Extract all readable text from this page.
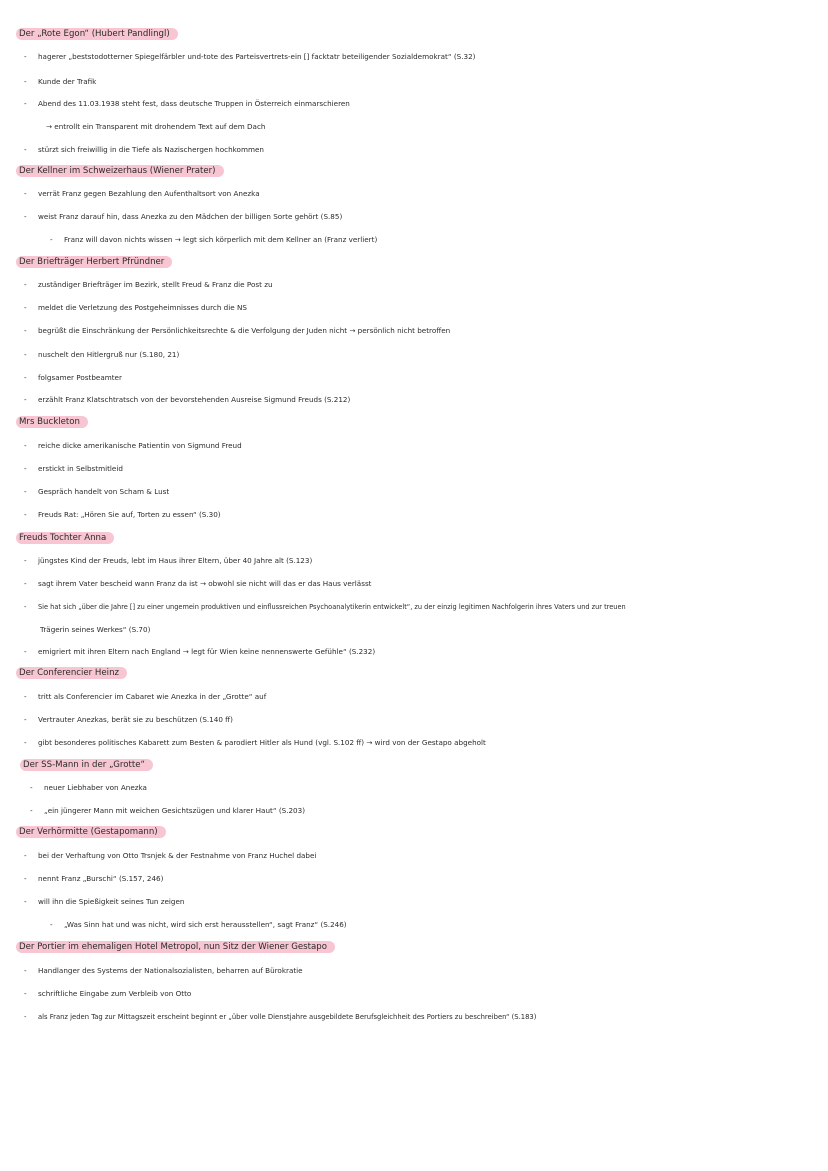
Der „Rote Egon“ (Hubert Pandlingl)
- hagerer „beststodotterner Spiegelfärbler und-tote des Parteisvertrets-ein [] facktatr beteiligender Sozialdemokrat“ (S.32)
- Kunde der Trafik
- Abend des 11.03.1938 steht fest, dass deutsche Truppen in Österreich einmarschieren
→ entrollt ein Transparent mit drohendem Text auf dem Dach
- stürzt sich freiwillig in die Tiefe als Nazischergen hochkommen
Der Kellner im Schweizerhaus (Wiener Prater)
- verrät Franz gegen Bezahlung den Aufenthaltsort von Anezka
- weist Franz darauf hin, dass Anezka zu den Mädchen der billigen Sorte gehört (S.85)
- Franz will davon nichts wissen → legt sich körperlich mit dem Kellner an (Franz verliert)
Der Briefträger Herbert Pfründner
- zuständiger Briefträger im Bezirk, stellt Freud & Franz die Post zu
- meldet die Verletzung des Postgeheimnisses durch die NS
- begrüßt die Einschränkung der Persönlichkeitsrechte & die Verfolgung der Juden nicht → persönlich nicht betroffen
- nuschelt den Hitlergruß nur (S.180, 21)
- folgsamer Postbeamter
- erzählt Franz Klatschtratsch von der bevorstehenden Ausreise Sigmund Freuds (S.212)
Mrs Buckleton
- reiche dicke amerikanische Patientin von Sigmund Freud
- erstickt in Selbstmitleid
- Gespräch handelt von Scham & Lust
- Freuds Rat: „Hören Sie auf, Torten zu essen“ (S.30)
Freuds Tochter Anna
- jüngstes Kind der Freuds, lebt im Haus ihrer Eltern, über 40 Jahre alt (S.123)
- sagt ihrem Vater bescheid wann Franz da ist → obwohl sie nicht will das er das Haus verlässt
- Sie hat sich „über die Jahre [] zu einer ungemein produktiven und einflussreichen Psychoanalytikerin entwickelt“, zu der einzig legitimen Nachfolgerin ihres Vaters und zur treuen
Trägerin seines Werkes“ (S.70)
- emigriert mit ihren Eltern nach England → legt für Wien keine nennenswerte Gefühle“ (S.232)
Der Conferencier Heinz
- tritt als Conferencier im Cabaret wie Anezka in der „Grotte“ auf
- Vertrauter Anezkas, berät sie zu beschützen (S.140 ff)
- gibt besonderes politisches Kabarett zum Besten & parodiert Hitler als Hund (vgl. S.102 ff) → wird von der Gestapo abgeholt
Der SS-Mann in der „Grotte“
- neuer Liebhaber von Anezka
- „ein jüngerer Mann mit weichen Gesichtszügen und klarer Haut“ (S.203)
Der Verhörmitte (Gestapomann)
- bei der Verhaftung von Otto Trsnjek & der Festnahme von Franz Huchel dabei
- nennt Franz „Burschi“ (S.157, 246)
- will ihn die Spießigkeit seines Tun zeigen
- „Was Sinn hat und was nicht, wird sich erst herausstellen“, sagt Franz“ (S.246)
Der Portier im ehemaligen Hotel Metropol, nun Sitz der Wiener Gestapo
- Handlanger des Systems der Nationalsozialisten, beharren auf Bürokratie
- schriftliche Eingabe zum Verbleib von Otto
- als Franz jeden Tag zur Mittagszeit erscheint beginnt er „über volle Dienstjahre ausgebildete Berufsgleichheit des Portiers zu beschreiben“ (S.183)
